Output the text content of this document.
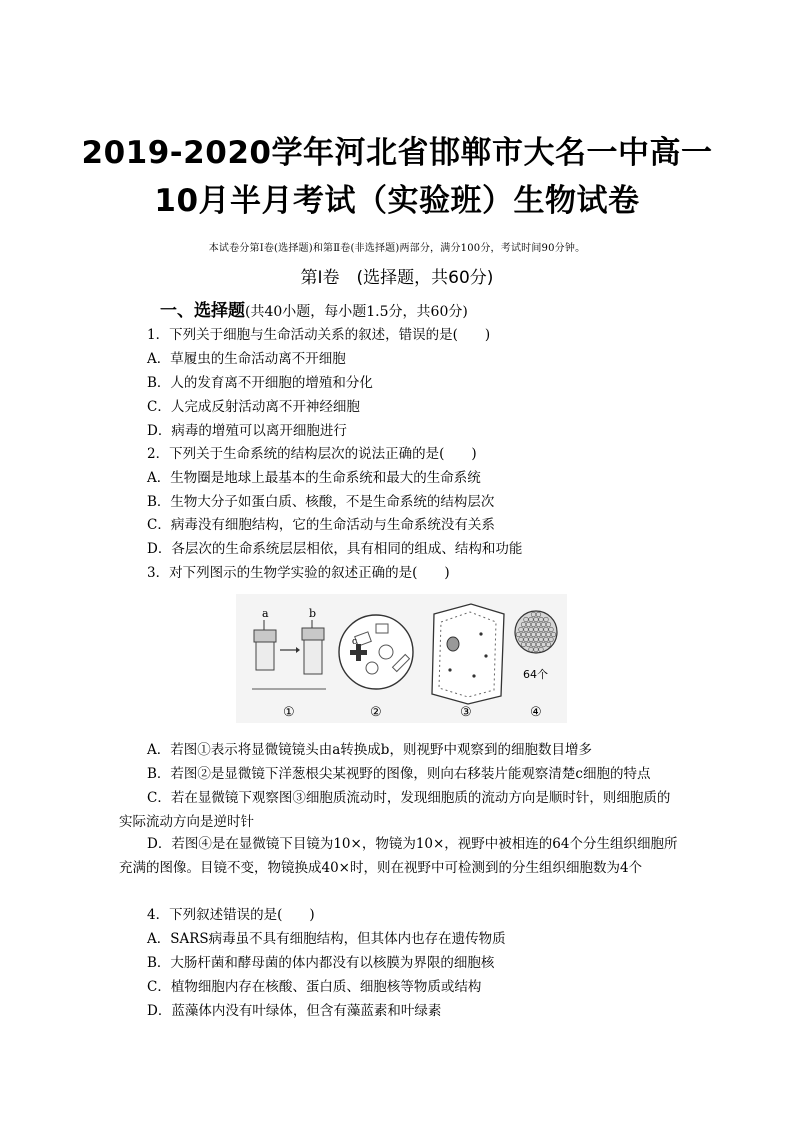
2019-2020学年河北省邯郸市大名一中高一
10月半月考试（实验班）生物试卷
本试卷分第Ⅰ卷(选择题)和第Ⅱ卷(非选择题)两部分，满分100分，考试时间90分钟。
第Ⅰ卷　(选择题，共60分)
一、选择题(共40小题，每小题1.5分，共60分)
1．下列关于细胞与生命活动关系的叙述，错误的是(　　)
A．草履虫的生命活动离不开细胞
B．人的发育离不开细胞的增殖和分化
C．人完成反射活动离不开神经细胞
D．病毒的增殖可以离开细胞进行
2．下列关于生命系统的结构层次的说法正确的是(　　)
A．生物圈是地球上最基本的生命系统和最大的生命系统
B．生物大分子如蛋白质、核酸，不是生命系统的结构层次
C．病毒没有细胞结构，它的生命活动与生命系统没有关系
D．各层次的生命系统层层相依，具有相同的组成、结构和功能
3．对下列图示的生物学实验的叙述正确的是(　　)
a	b
①
c
②	③
64个
④
A．若图①表示将显微镜镜头由a转换成b，则视野中观察到的细胞数目增多
B．若图②是显微镜下洋葱根尖某视野的图像，则向右移装片能观察清楚c细胞的特点
C．若在显微镜下观察图③细胞质流动时，发现细胞质的流动方向是顺时针，则细胞质的实际流动方向是逆时针
D．若图④是在显微镜下目镜为10×，物镜为10×，视野中被相连的64个分生组织细胞所充满的图像。目镜不变，物镜换成40×时，则在视野中可检测到的分生组织细胞数为4个
4．下列叙述错误的是(　　)
A．SARS病毒虽不具有细胞结构，但其体内也存在遗传物质
B．大肠杆菌和酵母菌的体内都没有以核膜为界限的细胞核
C．植物细胞内存在核酸、蛋白质、细胞核等物质或结构
D．蓝藻体内没有叶绿体，但含有藻蓝素和叶绿素
